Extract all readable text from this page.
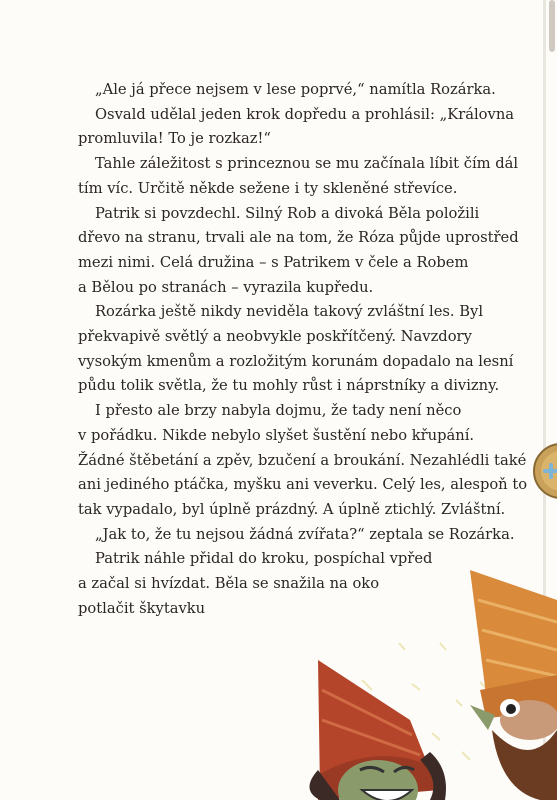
„Ale já přece nejsem v lese poprvé,“ namítla Rozárka.
Osvald udělal jeden krok dopředu a prohlásil: „Královna
promluvila! To je rozkaz!“
Tahle záležitost s princeznou se mu začínala líbit čím dál
tím víc. Určitě někde sežene i ty skleněné střevíce.
Patrik si povzdechl. Silný Rob a divoká Běla položili
dřevo na stranu, trvali ale na tom, že Róza půjde uprostřed
mezi nimi. Celá družina – s Patrikem v čele a Robem
a Bělou po stranách – vyrazila kupředu.
Rozárka ještě nikdy neviděla takový zvláštní les. Byl
překvapivě světlý a neobvykle poskřítčený. Navzdory
vysokým kmenům a rozložitým korunám dopadalo na lesní
půdu tolik světla, že tu mohly růst i náprstníky a divizny.
I přesto ale brzy nabyla dojmu, že tady není něco
v pořádku. Nikde nebylo slyšet šustění nebo křupání.
Žádné štěbetání a zpěv, bzučení a broukání. Nezahlédli také
ani jediného ptáčka, myšku ani veverku. Celý les, alespoň to
tak vypadalo, byl úplně prázdný. A úplně ztichlý. Zvláštní.
„Jak to, že tu nejsou žádná zvířata?“ zeptala se Rozárka.
Patrik náhle přidal do kroku, pospíchal vpřed
a začal si hvízdat. Běla se snažila na oko
potlačit škytavku
